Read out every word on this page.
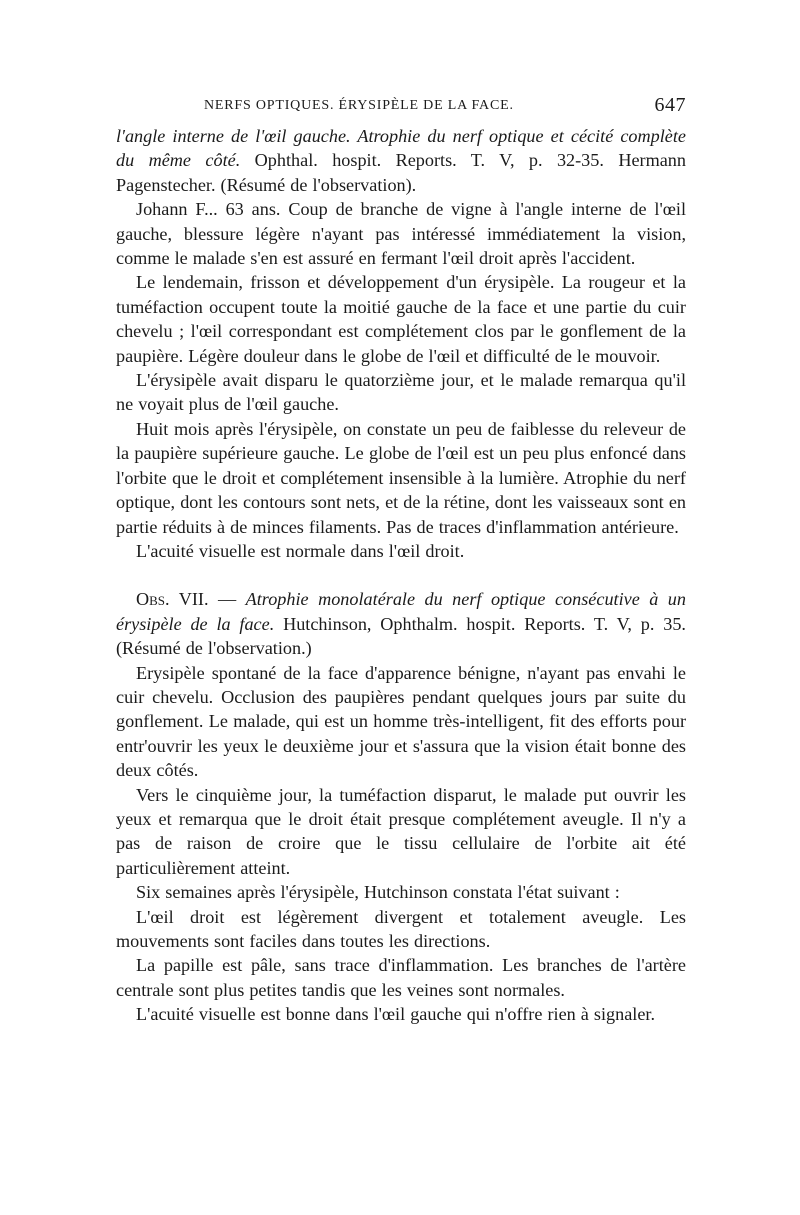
NERFS OPTIQUES. ÉRYSIPÈLE DE LA FACE.	647

l'angle interne de l'œil gauche. Atrophie du nerf optique et cécité complète du même côté. Ophthal. hospit. Reports. T. V, p. 32-35. Hermann Pagenstecher. (Résumé de l'observation).

Johann F... 63 ans. Coup de branche de vigne à l'angle interne de l'œil gauche, blessure légère n'ayant pas intéressé immédiatement la vision, comme le malade s'en est assuré en fermant l'œil droit après l'accident.

Le lendemain, frisson et développement d'un érysipèle. La rougeur et la tuméfaction occupent toute la moitié gauche de la face et une partie du cuir chevelu ; l'œil correspondant est complétement clos par le gonflement de la paupière. Légère douleur dans le globe de l'œil et difficulté de le mouvoir.

L'érysipèle avait disparu le quatorzième jour, et le malade remarqua qu'il ne voyait plus de l'œil gauche.

Huit mois après l'érysipèle, on constate un peu de faiblesse du releveur de la paupière supérieure gauche. Le globe de l'œil est un peu plus enfoncé dans l'orbite que le droit et complétement insensible à la lumière. Atrophie du nerf optique, dont les contours sont nets, et de la rétine, dont les vaisseaux sont en partie réduits à de minces filaments. Pas de traces d'inflammation antérieure.

L'acuité visuelle est normale dans l'œil droit.

Obs. VII. — Atrophie monolatérale du nerf optique consécutive à un érysipèle de la face. Hutchinson, Ophthalm. hospit. Reports. T. V, p. 35. (Résumé de l'observation.)

Erysipèle spontané de la face d'apparence bénigne, n'ayant pas envahi le cuir chevelu. Occlusion des paupières pendant quelques jours par suite du gonflement. Le malade, qui est un homme très-intelligent, fit des efforts pour entr'ouvrir les yeux le deuxième jour et s'assura que la vision était bonne des deux côtés.

Vers le cinquième jour, la tuméfaction disparut, le malade put ouvrir les yeux et remarqua que le droit était presque complétement aveugle. Il n'y a pas de raison de croire que le tissu cellulaire de l'orbite ait été particulièrement atteint.

Six semaines après l'érysipèle, Hutchinson constata l'état suivant :

L'œil droit est légèrement divergent et totalement aveugle. Les mouvements sont faciles dans toutes les directions.

La papille est pâle, sans trace d'inflammation. Les branches de l'artère centrale sont plus petites tandis que les veines sont normales.

L'acuité visuelle est bonne dans l'œil gauche qui n'offre rien à signaler.
